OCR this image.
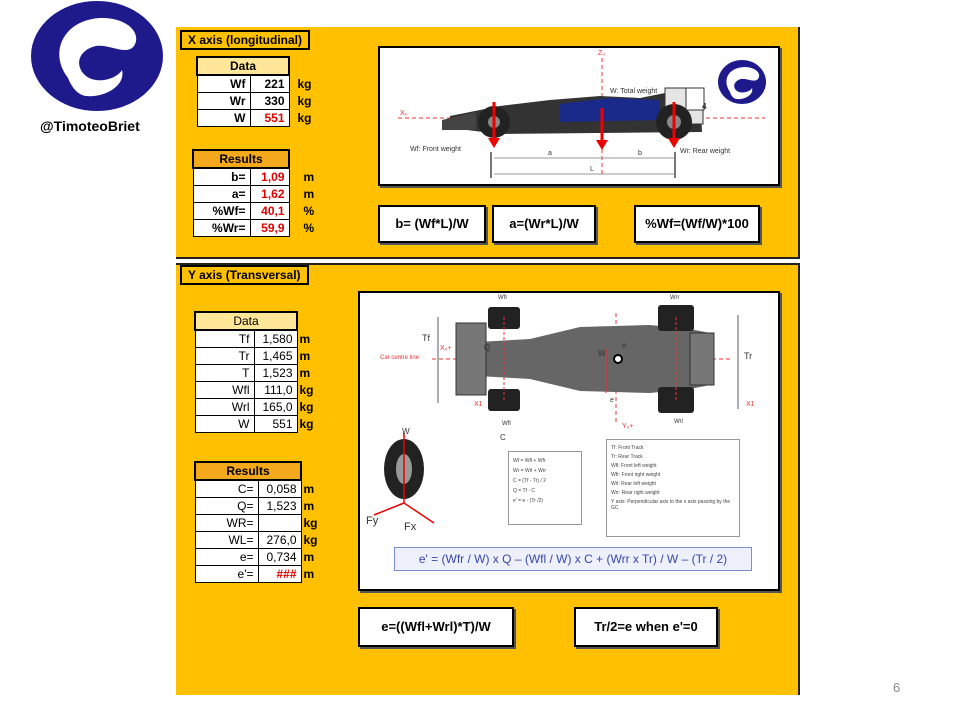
@TimoteoBriet
X axis (longitudinal)
Data		
Wf	221	kg
Wr	330	kg
W	551	kg
Results		
b=	1,09	m
a=	1,62	m
%Wf=	40,1	%
%Wr=	59,9	%
4
W: Total weight
Wf: Front weight	Wr: Rear weight
Z₀
X₀
a	b
L
b= (Wf*L)/W	a=(Wr*L)/W	%Wf=(Wf/W)*100
Y axis (Transversal)
Data		
Tf	1,580	m
Tr	1,465	m
T	1,523	m
Wfl	111,0	kg
Wrl	165,0	kg
W	551	kg
Results		
C=	0,058	m
Q=	1,523	m
WR=		kg
WL=	276,0	kg
e=	0,734	m
e'=	###	m
Wfr	Wrr
Wfl	Wrl
Tf
Tr
X1	X1
X₀+
Y₀+
Car centre line
Q
C
W
e'
e
W
Fy Fx
Wf = Wfl + Wfr
Wr = Wrl + Wrr
C = (Tf - Tr) / 2
Q = Tf - C
e' = e - (Tr /2)
Tf: Front Track
Tr: Rear Track
Wfl: Front left weight
Wfr: Front right weight
Wrl: Rear left weight
Wrr: Rear right weight
Y axis: Perpendicular axis to the x axis passing by the GC
e' = (Wfr / W) x Q – (Wfl / W) x C + (Wrr x Tr) / W – (Tr / 2)
e=((Wfl+Wrl)*T)/W	Tr/2=e when e'=0
6
